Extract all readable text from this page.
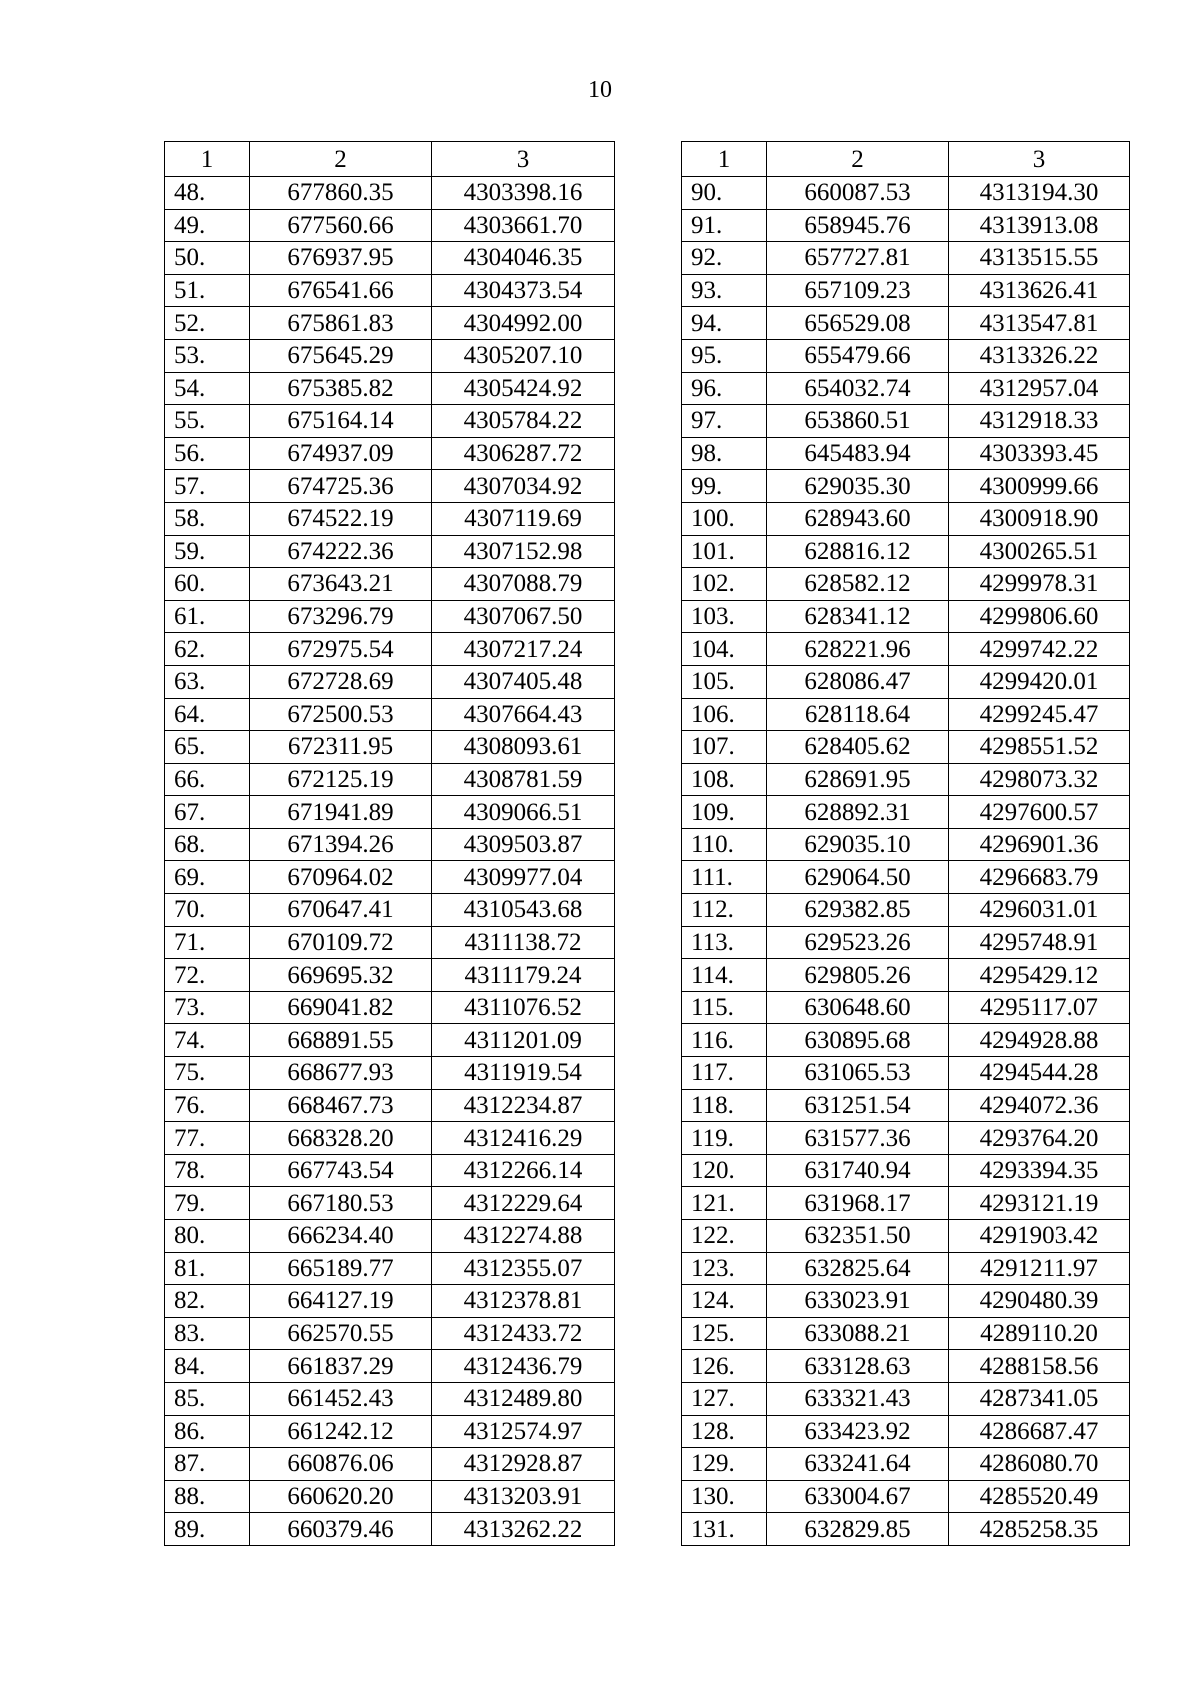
10
1	2	3
48.	677860.35	4303398.16
49.	677560.66	4303661.70
50.	676937.95	4304046.35
51.	676541.66	4304373.54
52.	675861.83	4304992.00
53.	675645.29	4305207.10
54.	675385.82	4305424.92
55.	675164.14	4305784.22
56.	674937.09	4306287.72
57.	674725.36	4307034.92
58.	674522.19	4307119.69
59.	674222.36	4307152.98
60.	673643.21	4307088.79
61.	673296.79	4307067.50
62.	672975.54	4307217.24
63.	672728.69	4307405.48
64.	672500.53	4307664.43
65.	672311.95	4308093.61
66.	672125.19	4308781.59
67.	671941.89	4309066.51
68.	671394.26	4309503.87
69.	670964.02	4309977.04
70.	670647.41	4310543.68
71.	670109.72	4311138.72
72.	669695.32	4311179.24
73.	669041.82	4311076.52
74.	668891.55	4311201.09
75.	668677.93	4311919.54
76.	668467.73	4312234.87
77.	668328.20	4312416.29
78.	667743.54	4312266.14
79.	667180.53	4312229.64
80.	666234.40	4312274.88
81.	665189.77	4312355.07
82.	664127.19	4312378.81
83.	662570.55	4312433.72
84.	661837.29	4312436.79
85.	661452.43	4312489.80
86.	661242.12	4312574.97
87.	660876.06	4312928.87
88.	660620.20	4313203.91
89.	660379.46	4313262.22
1	2	3
90.	660087.53	4313194.30
91.	658945.76	4313913.08
92.	657727.81	4313515.55
93.	657109.23	4313626.41
94.	656529.08	4313547.81
95.	655479.66	4313326.22
96.	654032.74	4312957.04
97.	653860.51	4312918.33
98.	645483.94	4303393.45
99.	629035.30	4300999.66
100.	628943.60	4300918.90
101.	628816.12	4300265.51
102.	628582.12	4299978.31
103.	628341.12	4299806.60
104.	628221.96	4299742.22
105.	628086.47	4299420.01
106.	628118.64	4299245.47
107.	628405.62	4298551.52
108.	628691.95	4298073.32
109.	628892.31	4297600.57
110.	629035.10	4296901.36
111.	629064.50	4296683.79
112.	629382.85	4296031.01
113.	629523.26	4295748.91
114.	629805.26	4295429.12
115.	630648.60	4295117.07
116.	630895.68	4294928.88
117.	631065.53	4294544.28
118.	631251.54	4294072.36
119.	631577.36	4293764.20
120.	631740.94	4293394.35
121.	631968.17	4293121.19
122.	632351.50	4291903.42
123.	632825.64	4291211.97
124.	633023.91	4290480.39
125.	633088.21	4289110.20
126.	633128.63	4288158.56
127.	633321.43	4287341.05
128.	633423.92	4286687.47
129.	633241.64	4286080.70
130.	633004.67	4285520.49
131.	632829.85	4285258.35
